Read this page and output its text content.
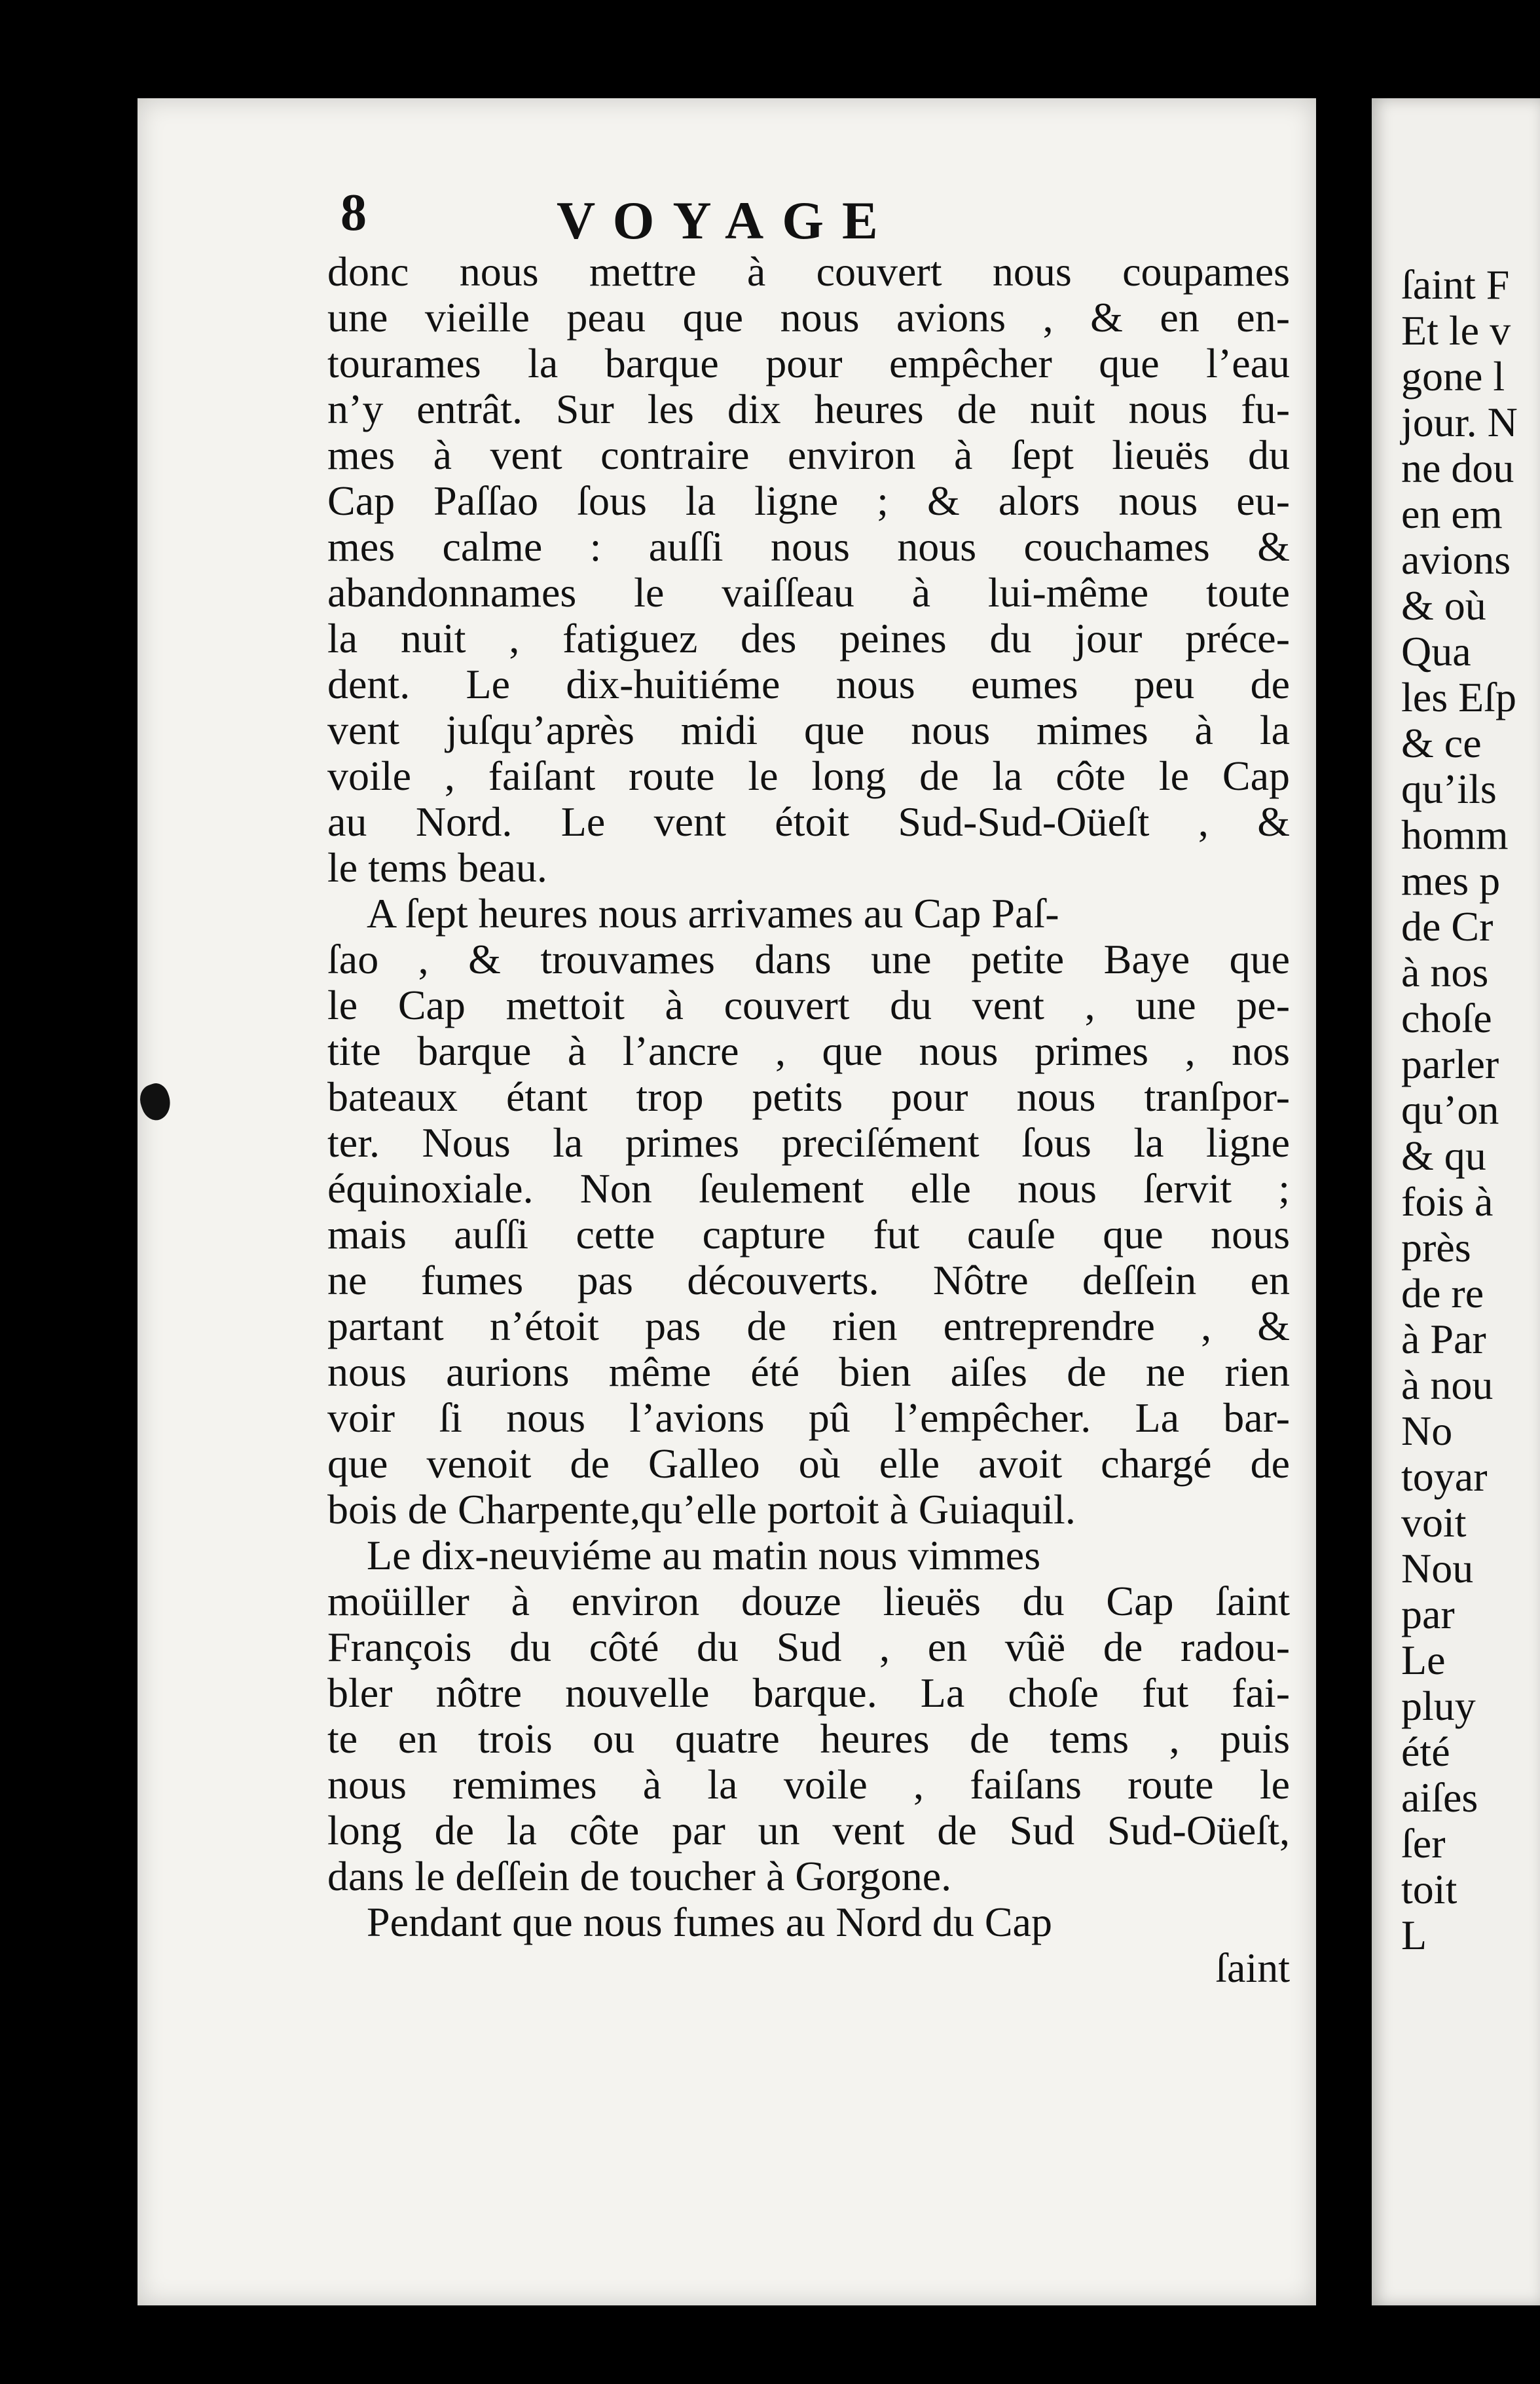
8	VOYAGE
donc nous mettre à couvert nous coupames
une vieille peau que nous avions , & en en-
tourames la barque pour empêcher que l’eau
n’y entrât. Sur les dix heures de nuit nous fu-
mes à vent contraire environ à ſept lieuës du
Cap Paſſao ſous la ligne ; & alors nous eu-
mes calme : auſſi nous nous couchames &
abandonnames le vaiſſeau à lui-même toute
la nuit , fatiguez des peines du jour préce-
dent. Le dix-huitiéme nous eumes peu de
vent juſqu’après midi que nous mimes à la
voile , faiſant route le long de la côte le Cap
au Nord. Le vent étoit Sud-Sud-Oüeſt , &
le tems beau.
A ſept heures nous arrivames au Cap Paſ-
ſao , & trouvames dans une petite Baye que
le Cap mettoit à couvert du vent , une pe-
tite barque à l’ancre , que nous primes , nos
bateaux étant trop petits pour nous tranſpor-
ter. Nous la primes preciſément ſous la ligne
équinoxiale. Non ſeulement elle nous ſervit ;
mais auſſi cette capture fut cauſe que nous
ne fumes pas découverts. Nôtre deſſein en
partant n’étoit pas de rien entreprendre , &
nous aurions même été bien aiſes de ne rien
voir ſi nous l’avions pû l’empêcher. La bar-
que venoit de Galleo où elle avoit chargé de
bois de Charpente,qu’elle portoit à Guiaquil.
Le dix-neuviéme au matin nous vimmes
moüiller à environ douze lieuës du Cap ſaint
François du côté du Sud , en vûë de radou-
bler nôtre nouvelle barque. La choſe fut fai-
te en trois ou quatre heures de tems , puis
nous remimes à la voile , faiſans route le
long de la côte par un vent de Sud Sud-Oüeſt,
dans le deſſein de toucher à Gorgone.
Pendant que nous fumes au Nord du Cap
ſaint
ſaint F
Et le v
gone l
jour. N
ne dou
en em
avions
& où
Qua
les Eſp
& ce
qu’ils
homm
mes p
de Cr
à nos
choſe
parler
qu’on
& qu
fois à
près
de re
à Par
à nou
No
toyar
voit
Nou
par
Le
pluy
été
aiſes
ſer
toit
L
